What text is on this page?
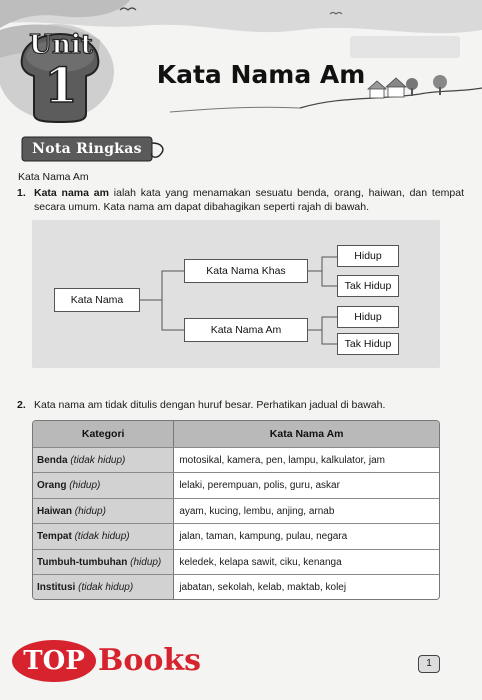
Unit
1	Kata Nama Am
Nota Ringkas
Kata Nama Am
1. Kata nama am ialah kata yang menamakan sesuatu benda, orang, haiwan, dan tempat secara umum. Kata nama am dapat dibahagikan seperti rajah di bawah.
Kata Nama
Kata Nama Khas
Kata Nama Am
Hidup
Tak Hidup
Hidup
Tak Hidup
2. Kata nama am tidak ditulis dengan huruf besar. Perhatikan jadual di bawah.
Kategori	Kata Nama Am
Benda (tidak hidup)	motosikal, kamera, pen, lampu, kalkulator, jam
Orang (hidup)	lelaki, perempuan, polis, guru, askar
Haiwan (hidup)	ayam, kucing, lembu, anjing, arnab
Tempat (tidak hidup)	jalan, taman, kampung, pulau, negara
Tumbuh-tumbuhan (hidup)	keledek, kelapa sawit, ciku, kenanga
Institusi (tidak hidup)	jabatan, sekolah, kelab, maktab, kolej
TOP Books	1
